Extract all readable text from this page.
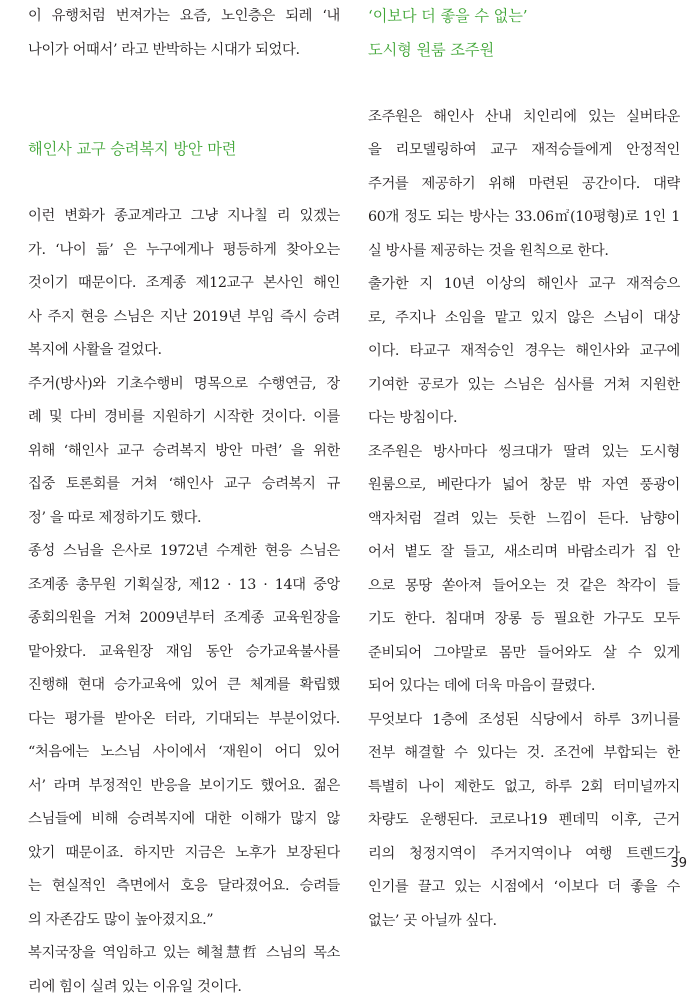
이 유행처럼 번져가는 요즘, 노인층은 되레 ‘내
나이가 어때서’ 라고 반박하는 시대가 되었다.
해인사 교구 승려복지 방안 마련
이런 변화가 종교계라고 그냥 지나칠 리 있겠는
가. ‘나이 듦’ 은 누구에게나 평등하게 찾아오는
것이기 때문이다. 조계종 제12교구 본사인 해인
사 주지 현응 스님은 지난 2019년 부임 즉시 승려
복지에 사활을 걸었다.
주거(방사)와 기초수행비 명목으로 수행연금, 장
례 및 다비 경비를 지원하기 시작한 것이다. 이를
위해 ‘해인사 교구 승려복지 방안 마련’ 을 위한
집중 토론회를 거쳐 ‘해인사 교구 승려복지 규
정’ 을 따로 제정하기도 했다.
종성 스님을 은사로 1972년 수계한 현응 스님은
조계종 총무원 기획실장, 제12 · 13 · 14대 중앙
종회의원을 거쳐 2009년부터 조계종 교육원장을
맡아왔다. 교육원장 재임 동안 승가교육불사를
진행해 현대 승가교육에 있어 큰 체계를 확립했
다는 평가를 받아온 터라, 기대되는 부분이었다.
“처음에는 노스님 사이에서 ‘재원이 어디 있어
서’ 라며 부정적인 반응을 보이기도 했어요. 젊은
스님들에 비해 승려복지에 대한 이해가 많지 않
았기 때문이죠. 하지만 지금은 노후가 보장된다
는 현실적인 측면에서 호응 달라졌어요. 승려들
의 자존감도 많이 높아졌지요.”
복지국장을 역임하고 있는 혜철慧哲 스님의 목소
리에 힘이 실려 있는 이유일 것이다.
‘이보다 더 좋을 수 없는’
도시형 원룸 조주원
조주원은 해인사 산내 치인리에 있는 실버타운
을 리모델링하여 교구 재적승들에게 안정적인
주거를 제공하기 위해 마련된 공간이다. 대략
60개 정도 되는 방사는 33.06㎡(10평형)로 1인 1
실 방사를 제공하는 것을 원칙으로 한다.
출가한 지 10년 이상의 해인사 교구 재적승으
로, 주지나 소임을 맡고 있지 않은 스님이 대상
이다. 타교구 재적승인 경우는 해인사와 교구에
기여한 공로가 있는 스님은 심사를 거쳐 지원한
다는 방침이다.
조주원은 방사마다 씽크대가 딸려 있는 도시형
원룸으로, 베란다가 넓어 창문 밖 자연 풍광이
액자처럼 걸려 있는 듯한 느낌이 든다. 남향이
어서 볕도 잘 들고, 새소리며 바람소리가 집 안
으로 몽땅 쏟아져 들어오는 것 같은 착각이 들
기도 한다. 침대며 장롱 등 필요한 가구도 모두
준비되어 그야말로 몸만 들어와도 살 수 있게
되어 있다는 데에 더욱 마음이 끌렸다.
무엇보다 1층에 조성된 식당에서 하루 3끼니를
전부 해결할 수 있다는 것. 조건에 부합되는 한
특별히 나이 제한도 없고, 하루 2회 터미널까지
차량도 운행된다. 코로나19 펜데믹 이후, 근거
리의 청정지역이 주거지역이나 여행 트렌드가
인기를 끌고 있는 시점에서 ‘이보다 더 좋을 수
없는’ 곳 아닐까 싶다.
39
